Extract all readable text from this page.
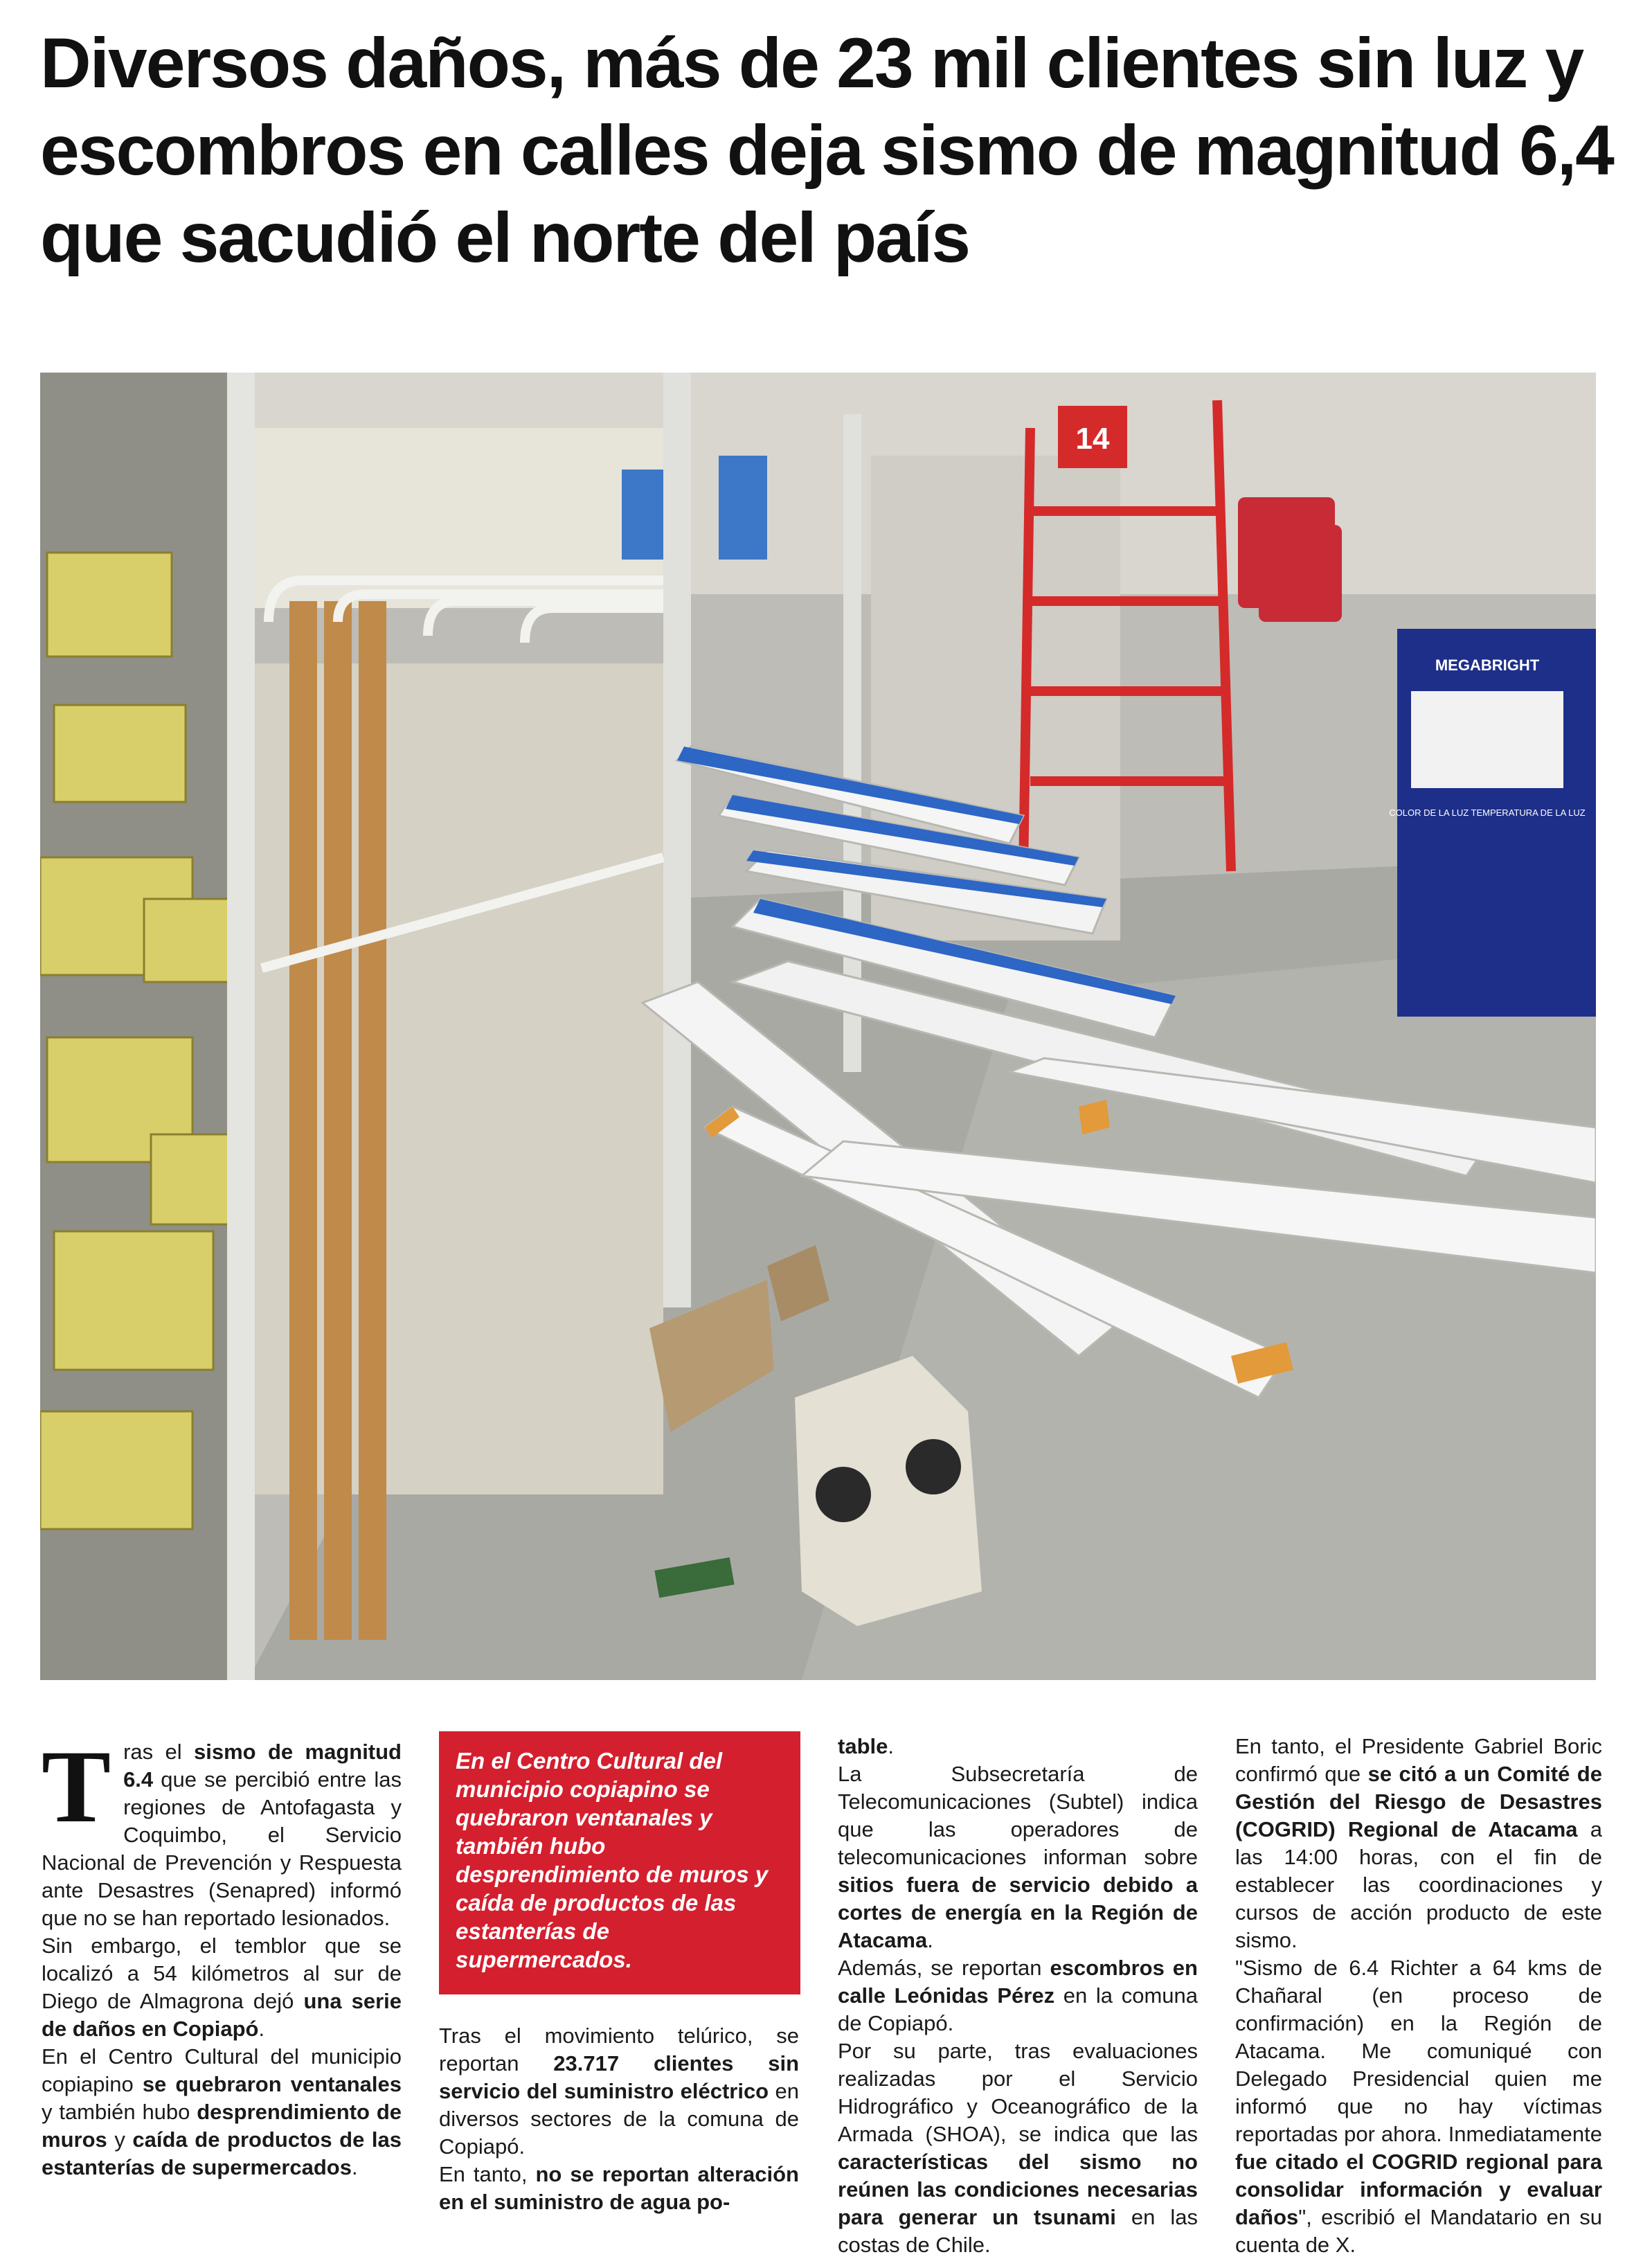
Diversos daños, más de 23 mil clientes sin luz y escombros en calles deja sismo de magnitud 6,4 que sacudió el norte del país
14
MEGABRIGHT
COLOR DE LA LUZ TEMPERATURA DE LA LUZ
T ras el sismo de magnitud 6.4 que se percibió entre las regiones de Antofagasta y Coquimbo, el Servicio Nacional de Prevención y Respuesta ante Desastres (Senapred) informó que no se han reportado lesionados.

Sin embargo, el temblor que se localizó a 54 kilómetros al sur de Diego de Almagrona dejó una serie de daños en Copiapó.

En el Centro Cultural del municipio copiapino se quebraron ventanales y también hubo desprendimiento de muros y caída de productos de las estanterías de supermercados.

En el Centro Cultural del municipio copiapino se quebraron ventanales y también hubo desprendimiento de muros y caída de productos de las estanterías de supermercados.

Tras el movimiento telúrico, se reportan 23.717 clientes sin servicio del suministro eléctrico en diversos sectores de la comuna de Copiapó.

En tanto, no se reportan alteración en el suministro de agua po-

table.

La Subsecretaría de Telecomunicaciones (Subtel) indica que las operadores de telecomunicaciones informan sobre sitios fuera de servicio debido a cortes de energía en la Región de Atacama.

Además, se reportan escombros en calle Leónidas Pérez en la comuna de Copiapó.

Por su parte, tras evaluaciones realizadas por el Servicio Hidrográfico y Oceanográfico de la Armada (SHOA), se indica que las características del sismo no reúnen las condiciones necesarias para generar un tsunami en las costas de Chile.

En tanto, el Presidente Gabriel Boric confirmó que se citó a un Comité de Gestión del Riesgo de Desastres (COGRID) Regional de Atacama a las 14:00 horas, con el fin de establecer las coordinaciones y cursos de acción producto de este sismo.

"Sismo de 6.4 Richter a 64 kms de Chañaral (en proceso de confirmación) en la Región de Atacama. Me comuniqué con Delegado Presidencial quien me informó que no hay víctimas reportadas por ahora. Inmediatamente fue citado el COGRID regional para consolidar información y evaluar daños", escribió el Mandatario en su cuenta de X.
